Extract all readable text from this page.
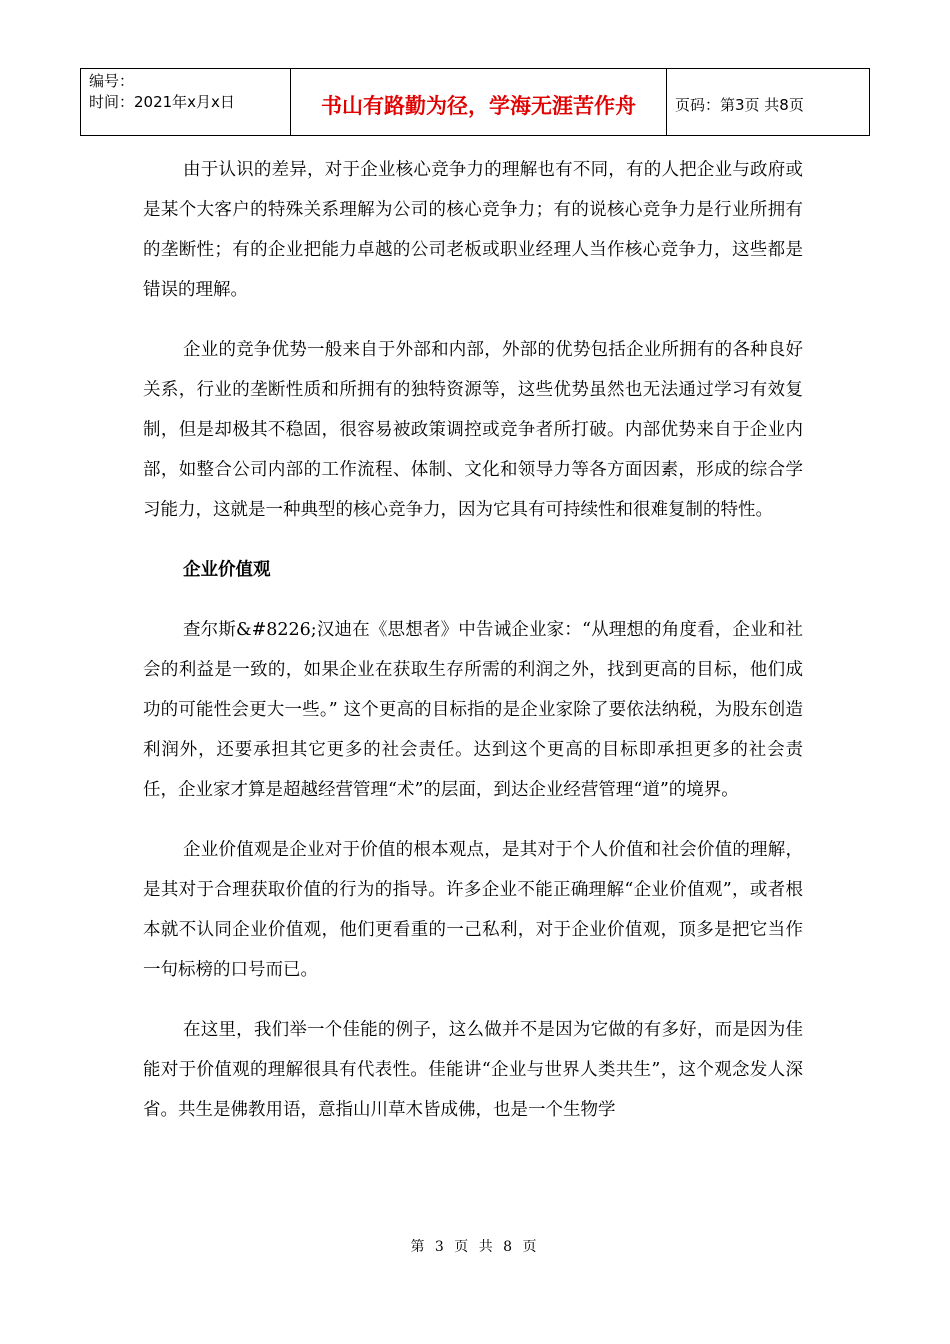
编号：
时间：2021年x月x日	书山有路勤为径，学海无涯苦作舟	页码：第3页 共8页

由于认识的差异，对于企业核心竞争力的理解也有不同，有的人把企业与政府或是某个大客户的特殊关系理解为公司的核心竞争力；有的说核心竞争力是行业所拥有的垄断性；有的企业把能力卓越的公司老板或职业经理人当作核心竞争力，这些都是错误的理解。

企业的竞争优势一般来自于外部和内部，外部的优势包括企业所拥有的各种良好关系，行业的垄断性质和所拥有的独特资源等，这些优势虽然也无法通过学习有效复制，但是却极其不稳固，很容易被政策调控或竞争者所打破。内部优势来自于企业内部，如整合公司内部的工作流程、体制、文化和领导力等各方面因素，形成的综合学习能力，这就是一种典型的核心竞争力，因为它具有可持续性和很难复制的特性。

企业价值观

查尔斯&#8226;汉迪在《思想者》中告诫企业家：“从理想的角度看，企业和社会的利益是一致的，如果企业在获取生存所需的利润之外，找到更高的目标，他们成功的可能性会更大一些。” 这个更高的目标指的是企业家除了要依法纳税，为股东创造利润外，还要承担其它更多的社会责任。达到这个更高的目标即承担更多的社会责任，企业家才算是超越经营管理“术”的层面，到达企业经营管理“道”的境界。

企业价值观是企业对于价值的根本观点，是其对于个人价值和社会价值的理解，是其对于合理获取价值的行为的指导。许多企业不能正确理解“企业价值观”，或者根本就不认同企业价值观，他们更看重的一己私利，对于企业价值观，顶多是把它当作一句标榜的口号而已。

在这里，我们举一个佳能的例子，这么做并不是因为它做的有多好，而是因为佳能对于价值观的理解很具有代表性。佳能讲“企业与世界人类共生”，这个观念发人深省。共生是佛教用语，意指山川草木皆成佛，也是一个生物学

第 3 页 共 8 页
